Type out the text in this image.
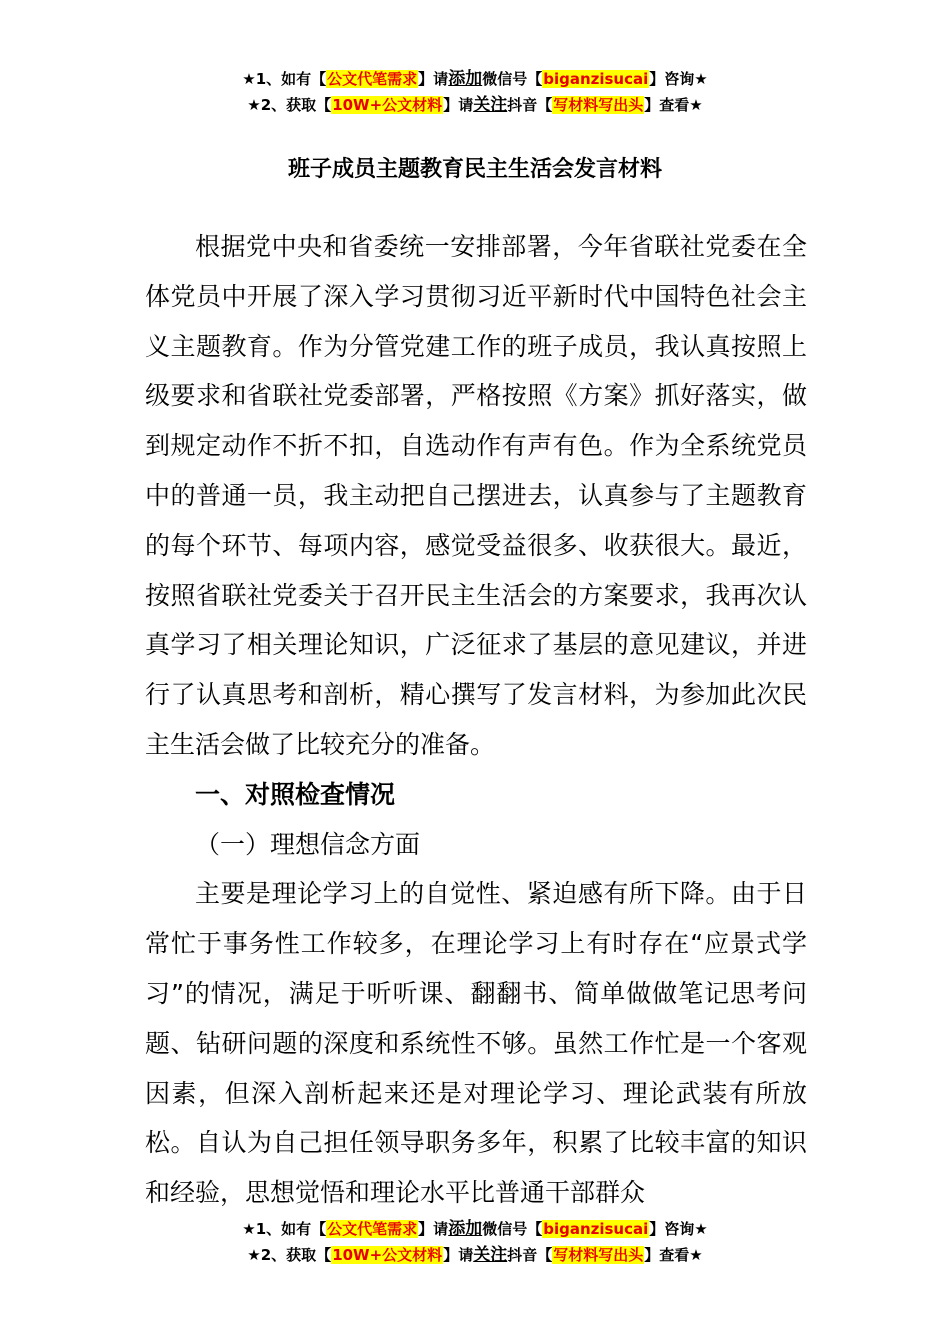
★1、如有【公文代笔需求】请添加微信号【biganzisucai】咨询★
★2、获取【10W+公文材料】请关注抖音【写材料写出头】查看★
班子成员主题教育民主生活会发言材料

根据党中央和省委统一安排部署，今年省联社党委在全体党员中开展了深入学习贯彻习近平新时代中国特色社会主义主题教育。作为分管党建工作的班子成员，我认真按照上级要求和省联社党委部署，严格按照《方案》抓好落实，做到规定动作不折不扣，自选动作有声有色。作为全系统党员中的普通一员，我主动把自己摆进去，认真参与了主题教育的每个环节、每项内容，感觉受益很多、收获很大。最近，按照省联社党委关于召开民主生活会的方案要求，我再次认真学习了相关理论知识，广泛征求了基层的意见建议，并进行了认真思考和剖析，精心撰写了发言材料，为参加此次民主生活会做了比较充分的准备。

一、对照检查情况

（一）理想信念方面

主要是理论学习上的自觉性、紧迫感有所下降。由于日常忙于事务性工作较多，在理论学习上有时存在“应景式学习”的情况，满足于听听课、翻翻书、简单做做笔记思考问题、钻研问题的深度和系统性不够。虽然工作忙是一个客观因素，但深入剖析起来还是对理论学习、理论武装有所放松。自认为自己担任领导职务多年，积累了比较丰富的知识和经验，思想觉悟和理论水平比普通干部群众

★1、如有【公文代笔需求】请添加微信号【biganzisucai】咨询★
★2、获取【10W+公文材料】请关注抖音【写材料写出头】查看★
